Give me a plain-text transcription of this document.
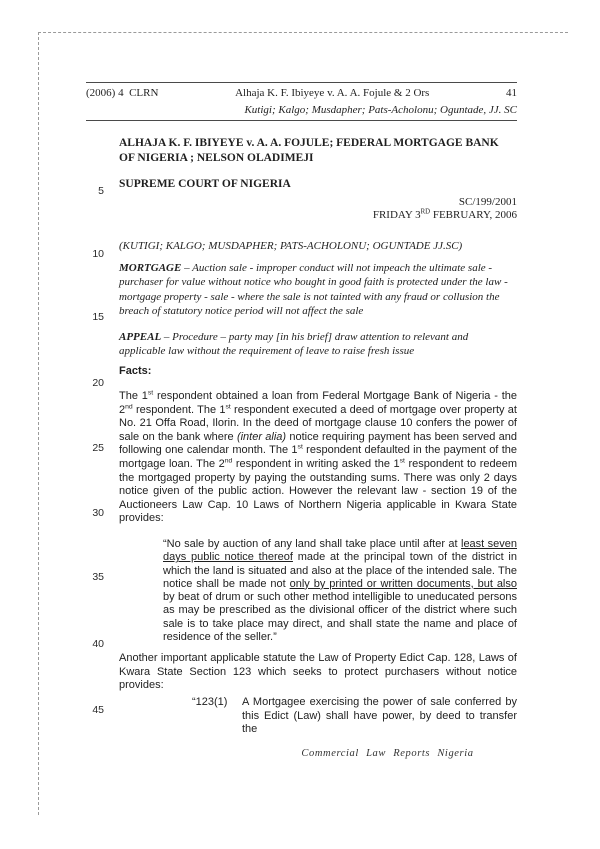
(2006) 4  CLRN	Alhaja K. F. Ibiyeye v. A. A. Fojule & 2 Ors	41
Kutigi; Kalgo; Musdapher; Pats-Acholonu; Oguntade, JJ. SC
ALHAJA K. F. IBIYEYE v. A. A. FOJULE; FEDERAL MORTGAGE BANK OF NIGERIA ; NELSON OLADIMEJI
SUPREME COURT OF NIGERIA
SC/199/2001
FRIDAY 3RD FEBRUARY, 2006
(KUTIGI; KALGO; MUSDAPHER; PATS-ACHOLONU; OGUNTADE JJ.SC)
MORTGAGE – Auction sale - improper conduct will not impeach the ultimate sale - purchaser for value without notice who bought in good faith is protected under the law - mortgage property - sale - where the sale is not tainted with any fraud or collusion the breach of statutory notice period will not affect the sale
APPEAL – Procedure – party may [in his brief] draw attention to relevant and applicable law without the requirement of leave to raise fresh issue
Facts:
The 1st respondent obtained a loan from Federal Mortgage Bank of Nigeria - the 2nd respondent. The 1st respondent executed a deed of mortgage over property at No. 21 Offa Road, Ilorin. In the deed of mortgage clause 10 confers the power of sale on the bank where (inter alia) notice requiring payment has been served and following one calendar month. The 1st respondent defaulted in the payment of the mortgage loan. The 2nd respondent in writing asked the 1st respondent to redeem the mortgaged property by paying the outstanding sums. There was only 2 days notice given of the public action. However the relevant law - section 19 of the Auctioneers Law Cap. 10 Laws of Northern Nigeria applicable in Kwara State provides:
“No sale by auction of any land shall take place until after at least seven days public notice thereof made at the principal town of the district in which the land is situated and also at the place of the intended sale. The notice shall be made not only by printed or written documents, but also by beat of drum or such other method intelligible to uneducated persons as may be prescribed as the divisional officer of the district where such sale is to take place may direct, and shall state the name and place of residence of the seller.”
Another important applicable statute the Law of Property Edict Cap. 128, Laws of Kwara State Section 123 which seeks to protect purchasers without notice provides:
“123(1)	A Mortgagee exercising the power of sale conferred by this Edict (Law) shall have power, by deed to transfer the
Commercial Law Reports Nigeria
5
10
15
20
25
30
35
40
45
